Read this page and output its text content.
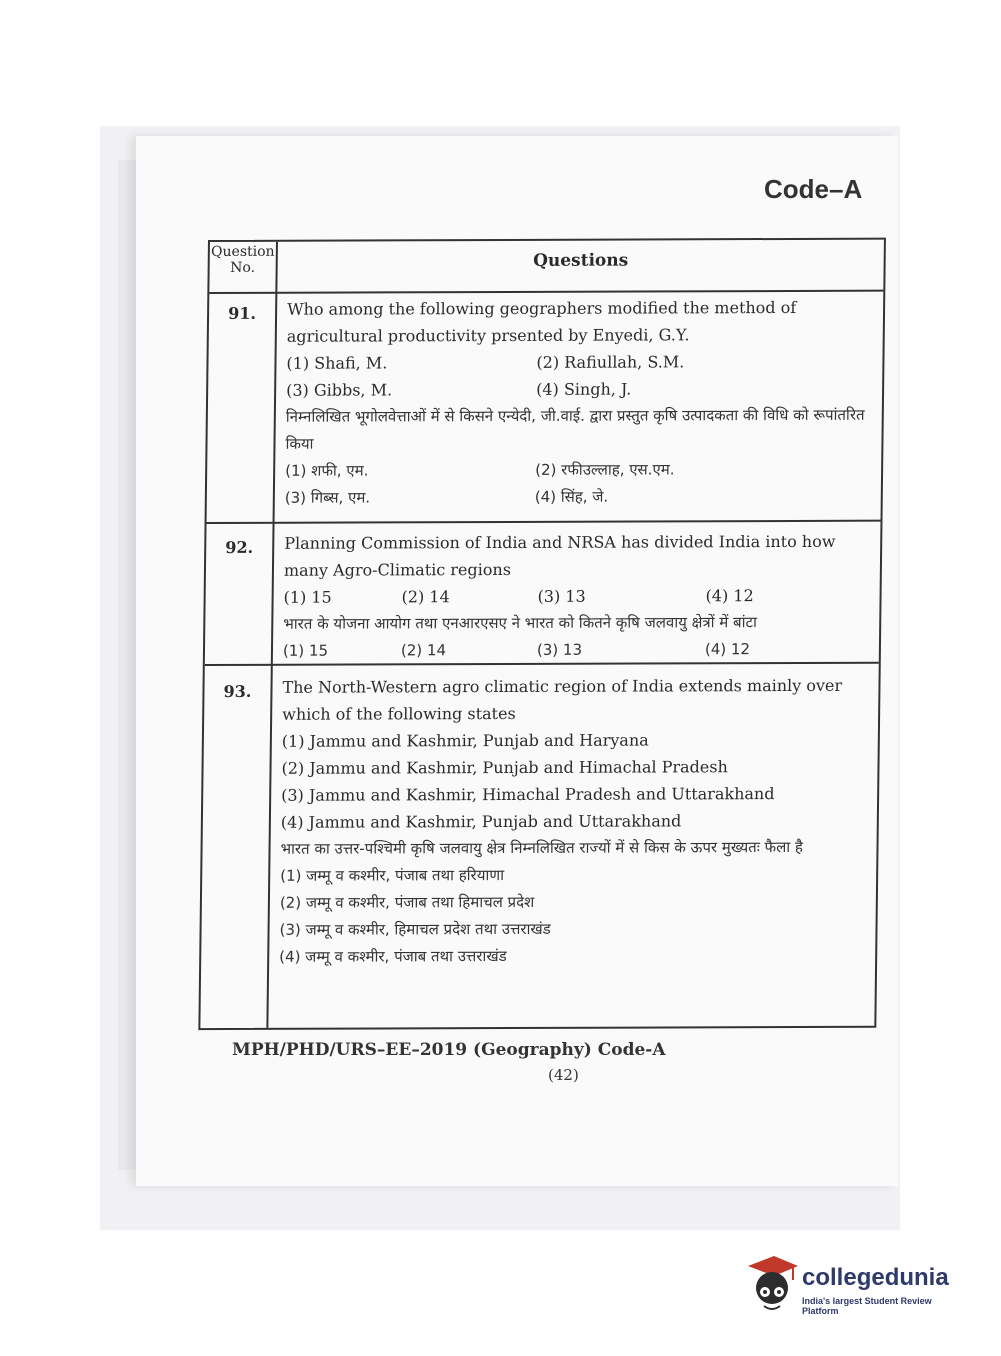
Code–A
Question No.	Questions
91.	Who among the following geographers modified the method of agricultural productivity prsented by Enyedi, G.Y.
(1) Shafi, M.	(2) Rafiullah, S.M.
(3) Gibbs, M.	(4) Singh, J.
निम्नलिखित भूगोलवेत्ताओं में से किसने एन्येदी, जी.वाई. द्वारा प्रस्तुत कृषि उत्पादकता की विधि को रूपांतरित किया
(1) शफी, एम.	(2) रफीउल्लाह, एस.एम.
(3) गिब्स, एम.	(4) सिंह, जे.
92.	Planning Commission of India and NRSA has divided India into how many Agro-Climatic regions
(1) 15	(2) 14	(3) 13	(4) 12
भारत के योजना आयोग तथा एनआरएसए ने भारत को कितने कृषि जलवायु क्षेत्रों में बांटा
(1) 15	(2) 14	(3) 13	(4) 12
93.	The North-Western agro climatic region of India extends mainly over which of the following states
(1) Jammu and Kashmir, Punjab and Haryana
(2) Jammu and Kashmir, Punjab and Himachal Pradesh
(3) Jammu and Kashmir, Himachal Pradesh and Uttarakhand
(4) Jammu and Kashmir, Punjab and Uttarakhand
भारत का उत्तर-पश्चिमी कृषि जलवायु क्षेत्र निम्नलिखित राज्यों में से किस के ऊपर मुख्यतः फैला है
(1) जम्मू व कश्मीर, पंजाब तथा हरियाणा
(2) जम्मू व कश्मीर, पंजाब तथा हिमाचल प्रदेश
(3) जम्मू व कश्मीर, हिमाचल प्रदेश तथा उत्तराखंड
(4) जम्मू व कश्मीर, पंजाब तथा उत्तराखंड
MPH/PHD/URS–EE–2019 (Geography) Code-A
(42)
collegedunia
India's largest Student Review Platform
